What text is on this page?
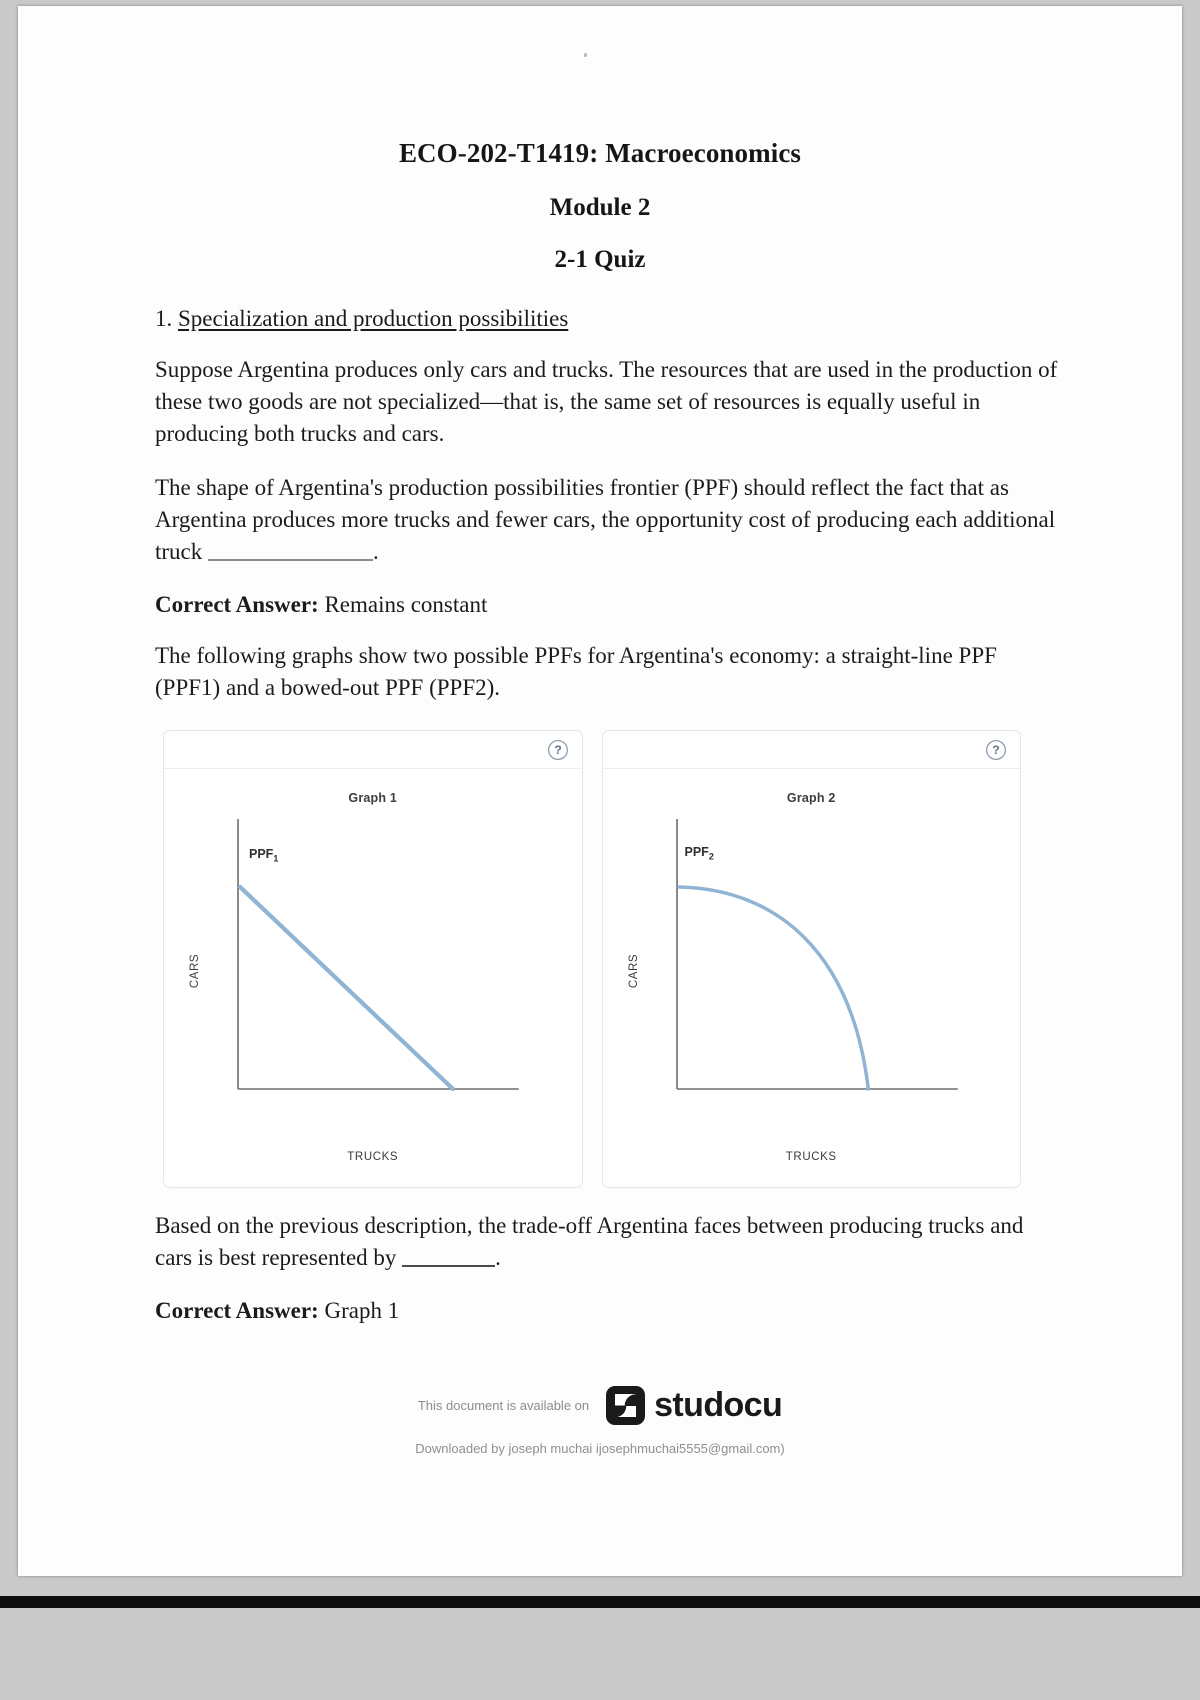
ECO-202-T1419: Macroeconomics
Module 2
2-1 Quiz
1. Specialization and production possibilities

Suppose Argentina produces only cars and trucks. The resources that are used in the production of these two goods are not specialized—that is, the same set of resources is equally useful in producing both trucks and cars.

The shape of Argentina's production possibilities frontier (PPF) should reflect the fact that as Argentina produces more trucks and fewer cars, the opportunity cost of producing each additional truck	.

Correct Answer: Remains constant

The following graphs show two possible PPFs for Argentina's economy: a straight-line PPF (PPF1) and a bowed-out PPF (PPF2).

?
Graph 1
CARS
$PPF_1$
TRUCKS
?
Graph 2
CARS
$PPF_2$
TRUCKS

Based on the previous description, the trade-off Argentina faces between producing trucks and cars is best represented by	.

Correct Answer: Graph 1

This document is available on studocu
Downloaded by joseph muchai ijosephmuchai5555@gmail.com)
